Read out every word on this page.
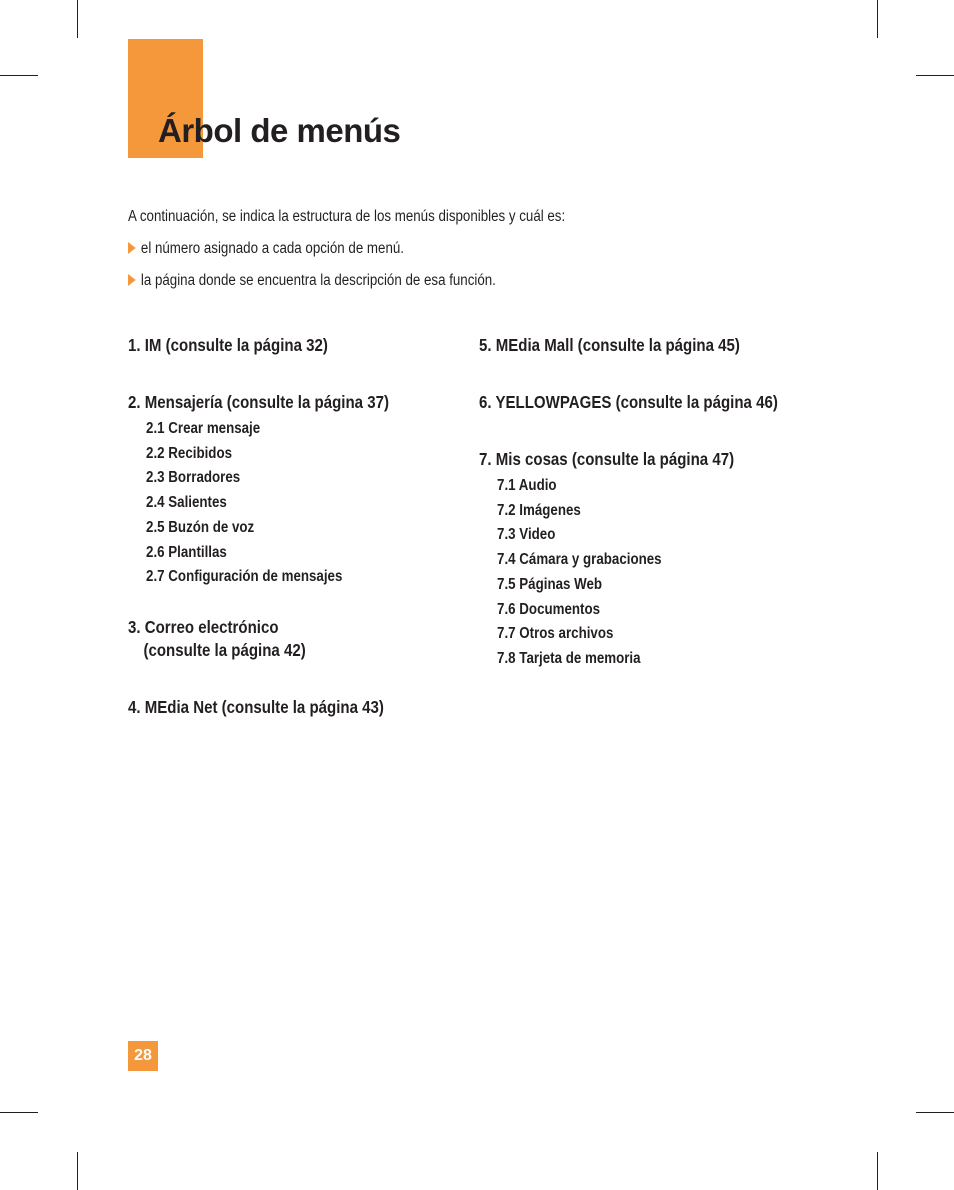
Árbol de menús
A continuación, se indica la estructura de los menús disponibles y cuál es:
el número asignado a cada opción de menú.
la página donde se encuentra la descripción de esa función.
1. IM (consulte la página 32)
2. Mensajería (consulte la página 37)
2.1 Crear mensaje
2.2 Recibidos
2.3 Borradores
2.4 Salientes
2.5 Buzón de voz
2.6 Plantillas
2.7 Configuración de mensajes
3. Correo electrónico
(consulte la página 42)
4. MEdia Net (consulte la página 43)
5. MEdia Mall (consulte la página 45)
6. YELLOWPAGES (consulte la página 46)
7. Mis cosas (consulte la página 47)
7.1 Audio
7.2 Imágenes
7.3 Video
7.4 Cámara y grabaciones
7.5 Páginas Web
7.6 Documentos
7.7 Otros archivos
7.8 Tarjeta de memoria
28
